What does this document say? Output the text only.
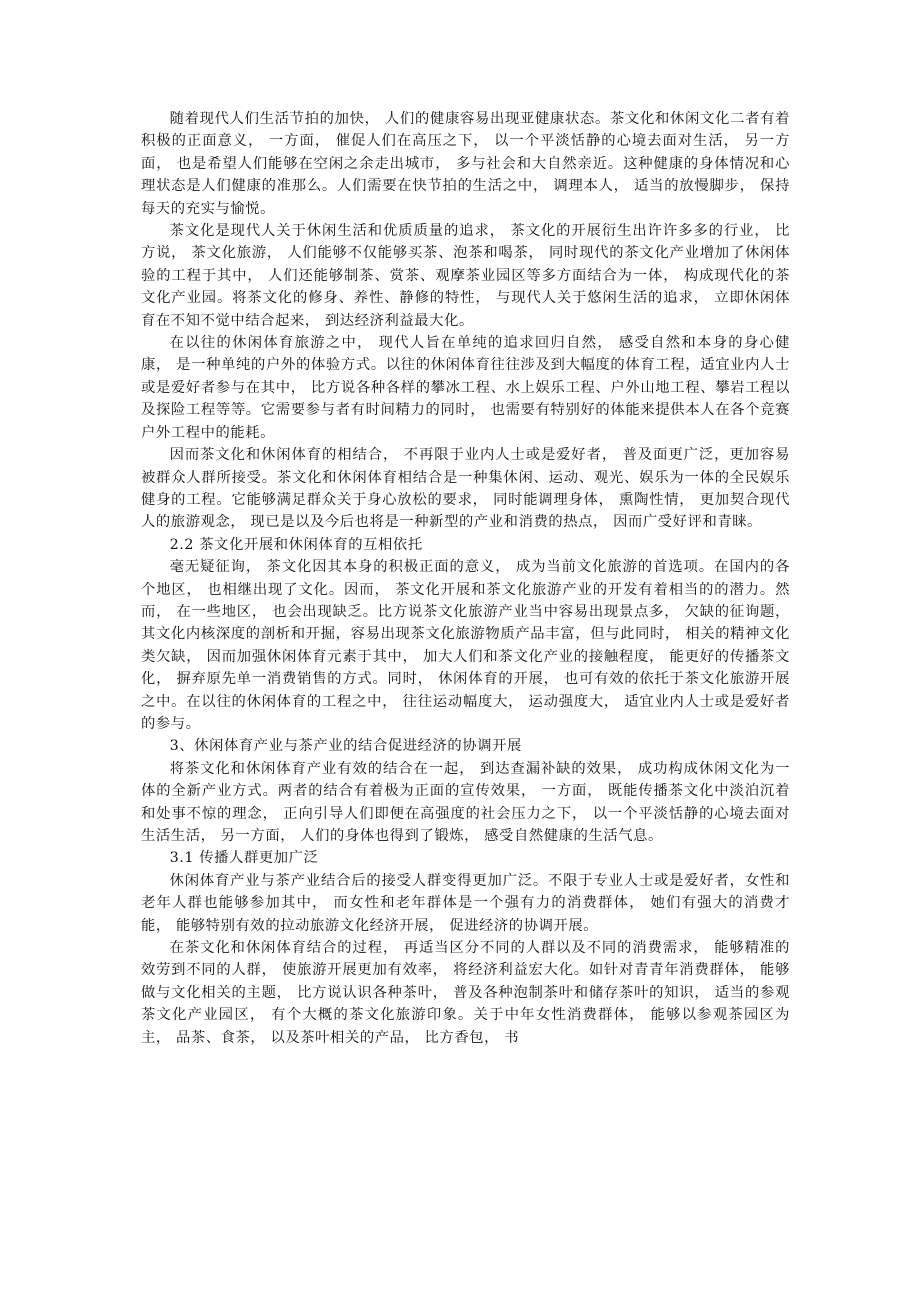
随着现代人们生活节拍的加快， 人们的健康容易出现亚健康状态。茶文化和休闲文化二者有着积极的正面意义， 一方面， 催促人们在高压之下， 以一个平淡恬静的心境去面对生活， 另一方面， 也是希望人们能够在空闲之余走出城市， 多与社会和大自然亲近。这种健康的身体情况和心理状态是人们健康的准那么。人们需要在快节拍的生活之中， 调理本人， 适当的放慢脚步， 保持每天的充实与愉悦。

茶文化是现代人关于休闲生活和优质质量的追求， 茶文化的开展衍生出许许多多的行业， 比方说， 茶文化旅游， 人们能够不仅能够买茶、泡茶和喝茶， 同时现代的茶文化产业增加了休闲体验的工程于其中， 人们还能够制茶、赏茶、观摩茶业园区等多方面结合为一体， 构成现代化的茶文化产业园。将茶文化的修身、养性、静修的特性， 与现代人关于悠闲生活的追求， 立即休闲体育在不知不觉中结合起来， 到达经济利益最大化。

在以往的休闲体育旅游之中， 现代人旨在单纯的追求回归自然， 感受自然和本身的身心健康， 是一种单纯的户外的体验方式。以往的休闲体育往往涉及到大幅度的体育工程，适宜业内人士或是爱好者参与在其中， 比方说各种各样的攀冰工程、水上娱乐工程、户外山地工程、攀岩工程以及探险工程等等。它需要参与者有时间精力的同时， 也需要有特别好的体能来提供本人在各个竞赛户外工程中的能耗。

因而茶文化和休闲体育的相结合， 不再限于业内人士或是爱好者， 普及面更广泛，更加容易被群众人群所接受。茶文化和休闲体育相结合是一种集休闲、运动、观光、娱乐为一体的全民娱乐健身的工程。它能够满足群众关于身心放松的要求， 同时能调理身体， 熏陶性情， 更加契合现代人的旅游观念， 现已是以及今后也将是一种新型的产业和消费的热点， 因而广受好评和青睐。

2.2 茶文化开展和休闲体育的互相依托

毫无疑征询， 茶文化因其本身的积极正面的意义， 成为当前文化旅游的首选项。在国内的各个地区， 也相继出现了文化。因而， 茶文化开展和茶文化旅游产业的开发有着相当的的潜力。然而， 在一些地区， 也会出现缺乏。比方说茶文化旅游产业当中容易出现景点多， 欠缺的征询题， 其文化内核深度的剖析和开掘，容易出现茶文化旅游物质产品丰富，但与此同时， 相关的精神文化类欠缺， 因而加强休闲体育元素于其中， 加大人们和茶文化产业的接触程度， 能更好的传播茶文化， 摒弃原先单一消费销售的方式。同时， 休闲体育的开展， 也可有效的依托于茶文化旅游开展之中。在以往的休闲体育的工程之中， 往往运动幅度大， 运动强度大， 适宜业内人士或是爱好者的参与。

3、休闲体育产业与茶产业的结合促进经济的协调开展

将茶文化和休闲体育产业有效的结合在一起， 到达查漏补缺的效果， 成功构成休闲文化为一体的全新产业方式。两者的结合有着极为正面的宣传效果， 一方面， 既能传播茶文化中淡泊沉着和处事不惊的理念， 正向引导人们即便在高强度的社会压力之下， 以一个平淡恬静的心境去面对生活生活， 另一方面， 人们的身体也得到了锻炼， 感受自然健康的生活气息。

3.1 传播人群更加广泛

休闲体育产业与茶产业结合后的接受人群变得更加广泛。不限于专业人士或是爱好者，女性和老年人群也能够参加其中， 而女性和老年群体是一个强有力的消费群体， 她们有强大的消费才能， 能够特别有效的拉动旅游文化经济开展， 促进经济的协调开展。

在茶文化和休闲体育结合的过程， 再适当区分不同的人群以及不同的消费需求， 能够精准的效劳到不同的人群， 使旅游开展更加有效率， 将经济利益宏大化。如针对青青年消费群体， 能够做与文化相关的主题， 比方说认识各种茶叶， 普及各种泡制茶叶和储存茶叶的知识， 适当的参观茶文化产业园区， 有个大概的茶文化旅游印象。关于中年女性消费群体， 能够以参观茶园区为主， 品茶、食茶， 以及茶叶相关的产品， 比方香包， 书
